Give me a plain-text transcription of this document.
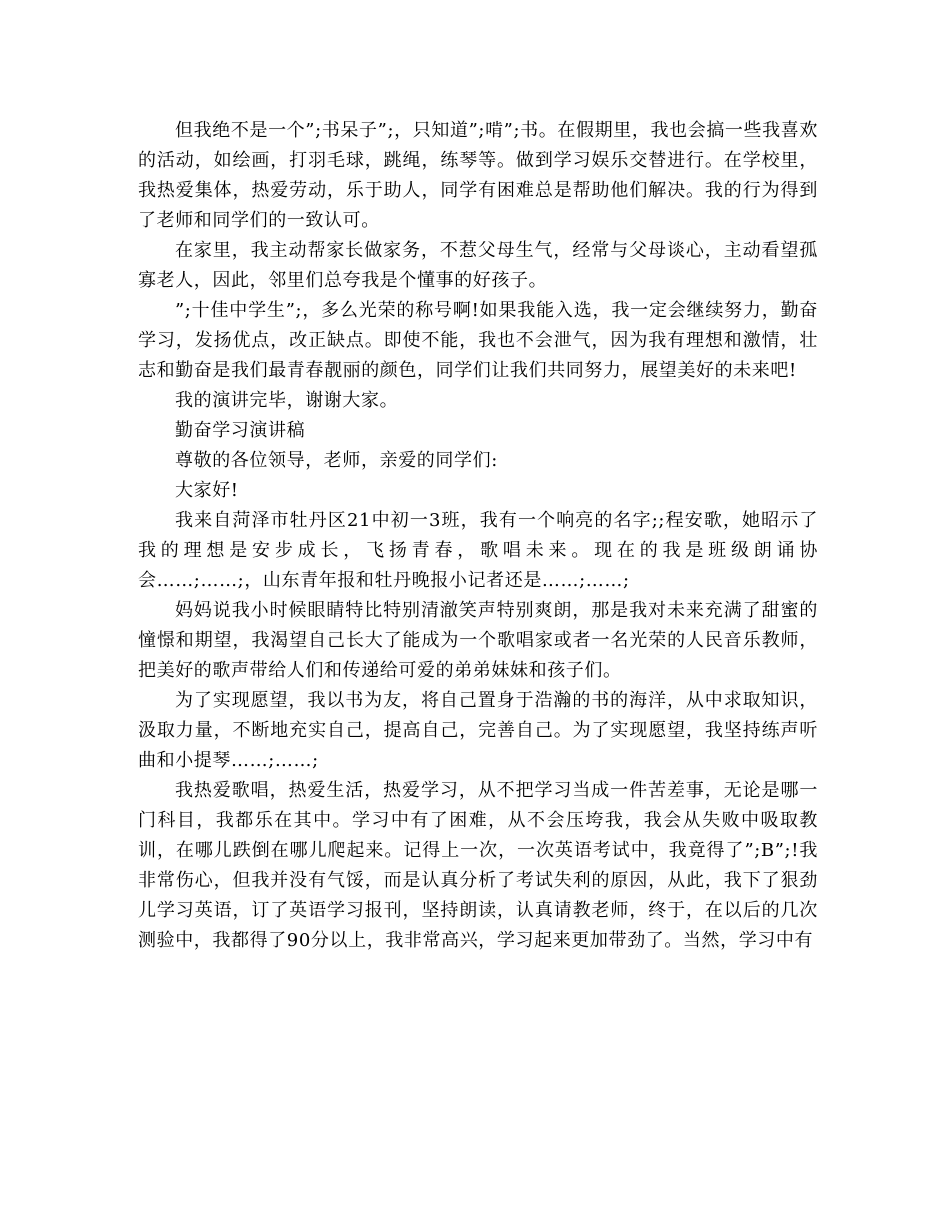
但我绝不是一个”;书呆子”;，只知道”;啃”;书。在假期里，我也会搞一些我喜欢的活动，如绘画，打羽毛球，跳绳，练琴等。做到学习娱乐交替进行。在学校里，我热爱集体，热爱劳动，乐于助人，同学有困难总是帮助他们解决。我的行为得到了老师和同学们的一致认可。

在家里，我主动帮家长做家务，不惹父母生气，经常与父母谈心，主动看望孤寡老人，因此，邻里们总夸我是个懂事的好孩子。

”;十佳中学生”;，多么光荣的称号啊!如果我能入选，我一定会继续努力，勤奋学习，发扬优点，改正缺点。即使不能，我也不会泄气，因为我有理想和激情，壮志和勤奋是我们最青春靓丽的颜色，同学们让我们共同努力，展望美好的未来吧!

我的演讲完毕，谢谢大家。

勤奋学习演讲稿

尊敬的各位领导，老师，亲爱的同学们:

大家好!

我来自菏泽市牡丹区21中初一3班，我有一个响亮的名字;;程安歌，她昭示了我的理想是安步成长，飞扬青春，歌唱未来。现在的我是班级朗诵协会……;……;，山东青年报和牡丹晚报小记者还是……;……;

妈妈说我小时候眼睛特比特别清澈笑声特别爽朗，那是我对未来充满了甜蜜的憧憬和期望，我渴望自己长大了能成为一个歌唱家或者一名光荣的人民音乐教师，把美好的歌声带给人们和传递给可爱的弟弟妹妹和孩子们。

为了实现愿望，我以书为友，将自己置身于浩瀚的书的海洋，从中求取知识，汲取力量，不断地充实自己，提高自己，完善自己。为了实现愿望，我坚持练声听曲和小提琴……;……;

我热爱歌唱，热爱生活，热爱学习，从不把学习当成一件苦差事，无论是哪一门科目，我都乐在其中。学习中有了困难，从不会压垮我，我会从失败中吸取教训，在哪儿跌倒在哪儿爬起来。记得上一次，一次英语考试中，我竟得了”;B”;!我非常伤心，但我并没有气馁，而是认真分析了考试失利的原因，从此，我下了狠劲儿学习英语，订了英语学习报刊，坚持朗读，认真请教老师，终于，在以后的几次测验中，我都得了90分以上，我非常高兴，学习起来更加带劲了。当然，学习中有
